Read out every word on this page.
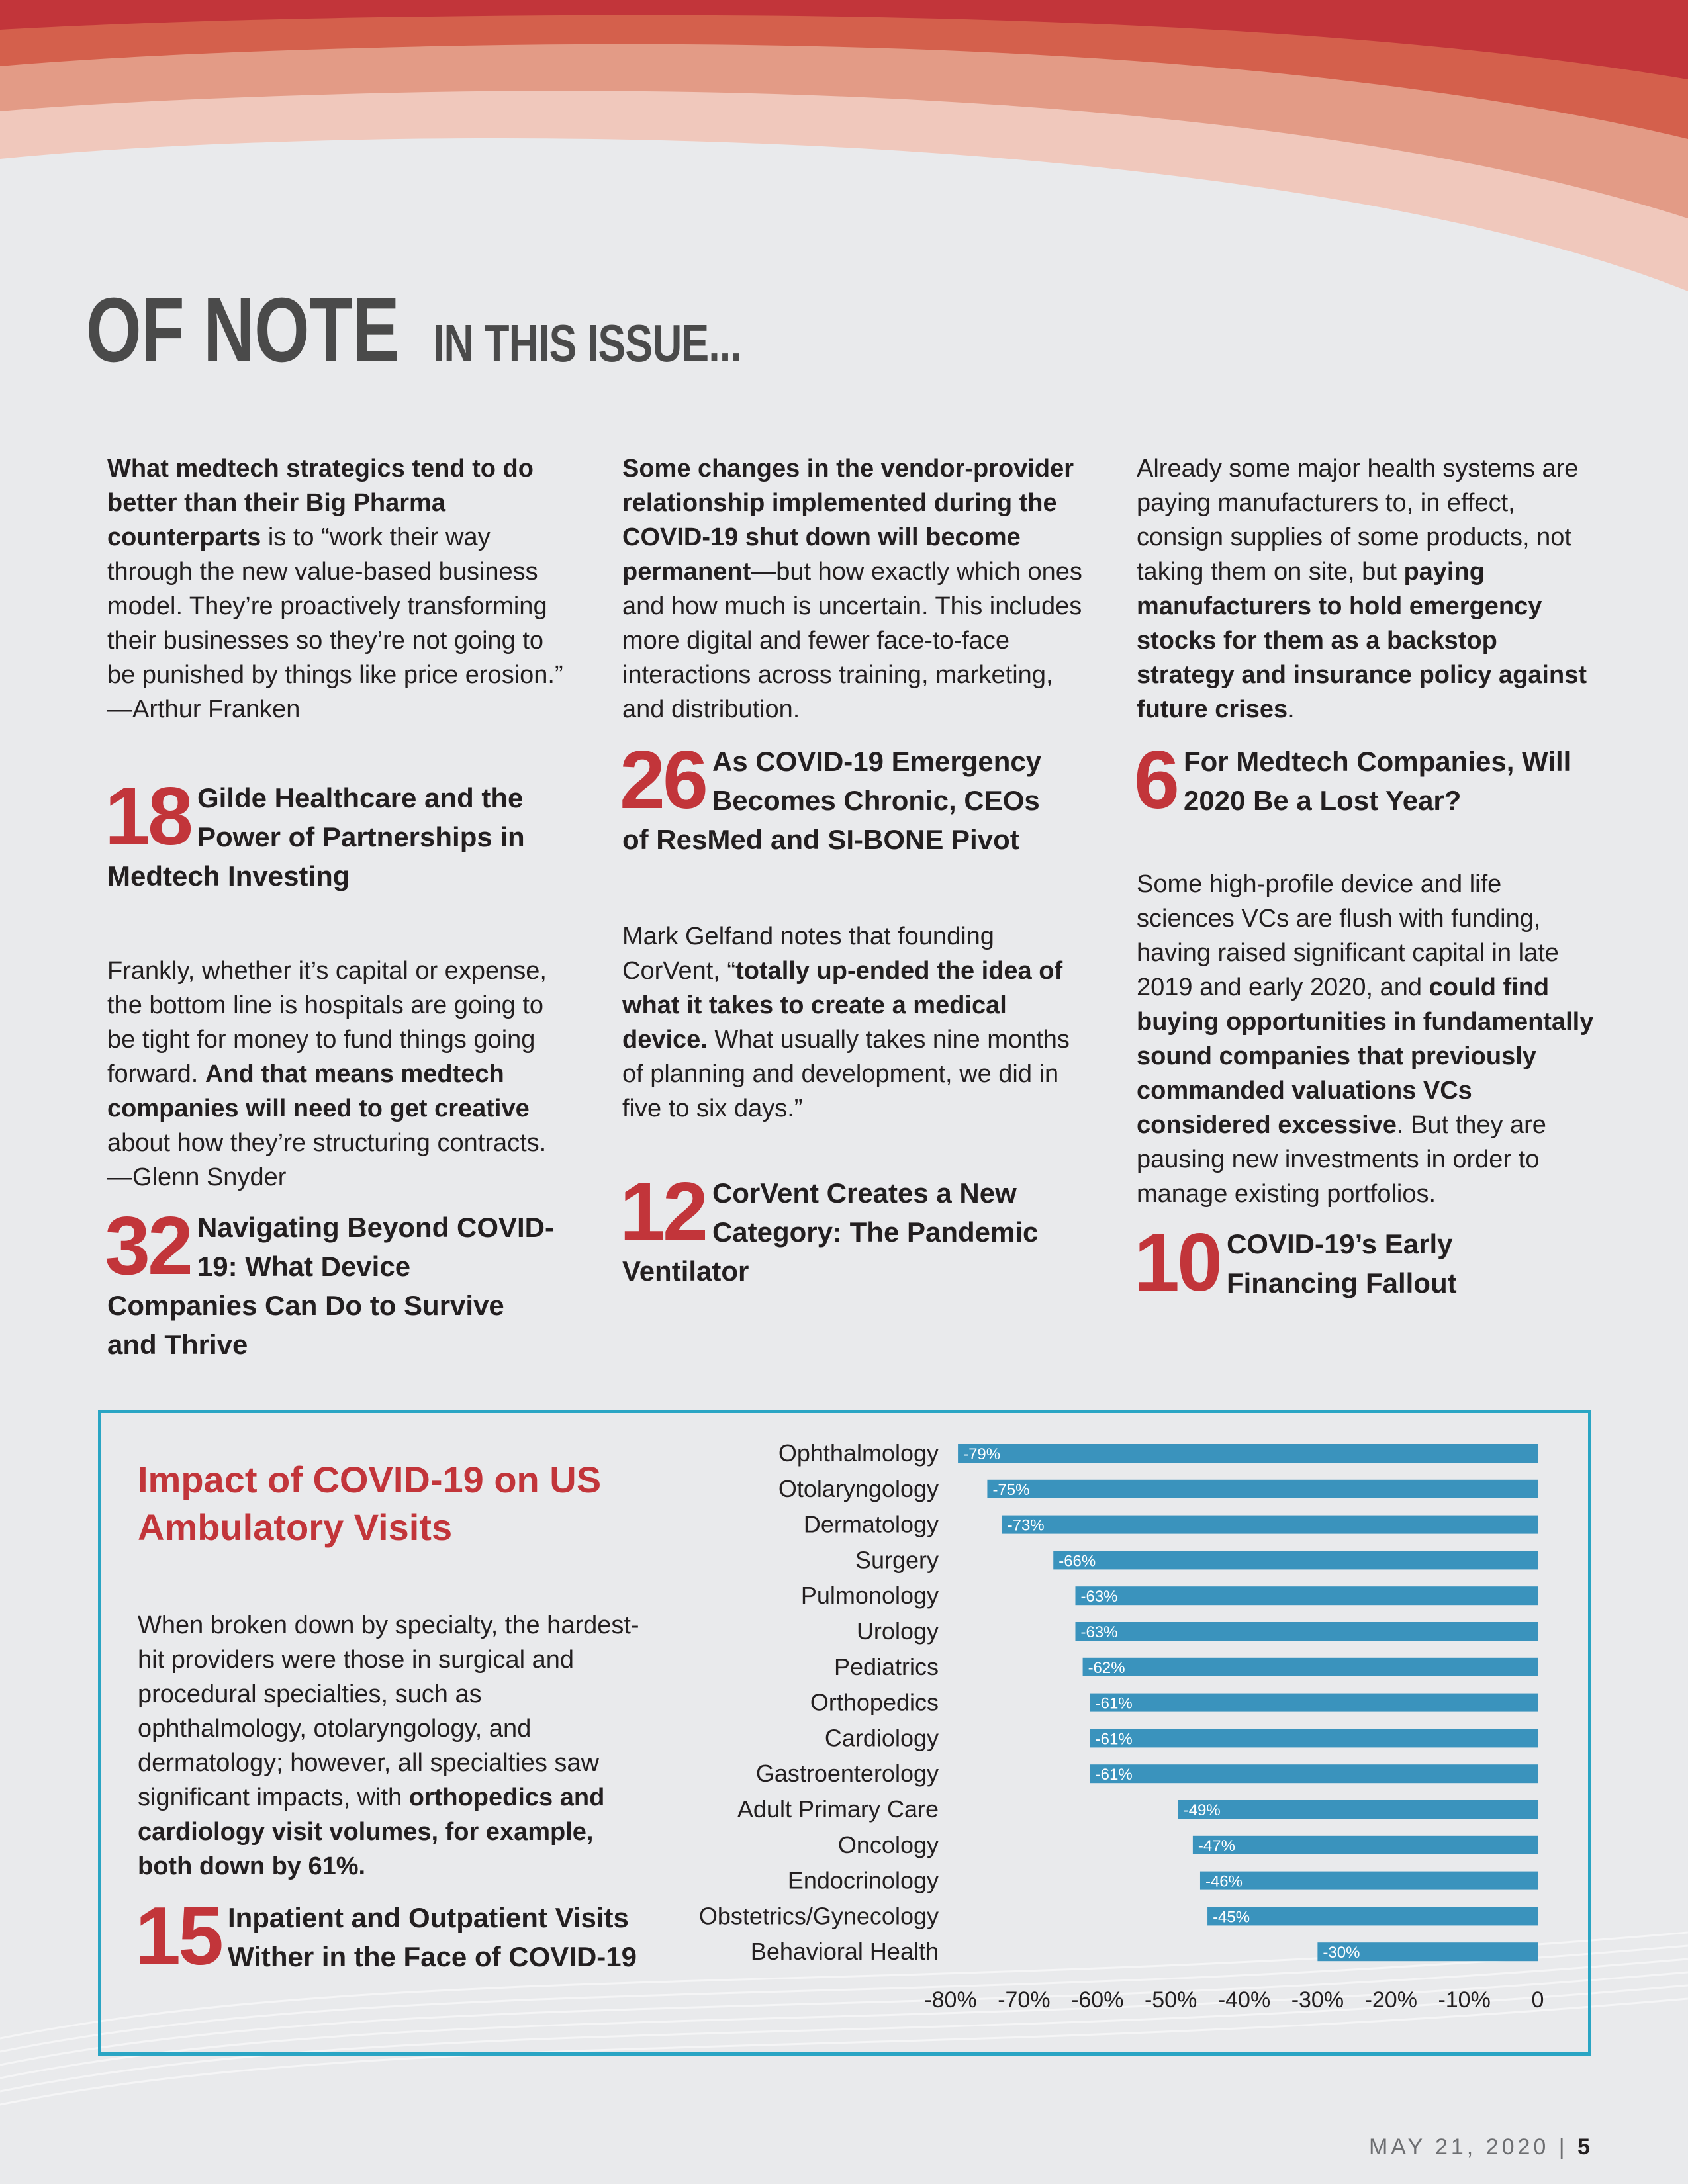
OF NOTE IN THIS ISSUE...

What medtech strategics tend to do better than their Big Pharma counterparts is to “work their way through the new value-based business model. They’re proactively transforming their businesses so they’re not going to be punished by things like price erosion.” —Arthur Franken

18 Gilde Healthcare and the Power of Partnerships in Medtech Investing

Frankly, whether it’s capital or expense, the bottom line is hospitals are going to be tight for money to fund things going forward. And that means medtech companies will need to get creative about how they’re structuring contracts.—Glenn Snyder

32 Navigating Beyond COVID-19: What Device Companies Can Do to Survive and Thrive

Some changes in the vendor-provider relationship implemented during the COVID-19 shut down will become permanent—but how exactly which ones and how much is uncertain. This includes more digital and fewer face-to-face interactions across training, marketing, and distribution.

26 As COVID-19 Emergency Becomes Chronic, CEOs of ResMed and SI-BONE Pivot

Mark Gelfand notes that founding CorVent, “totally up-ended the idea of what it takes to create a medical device. What usually takes nine months of planning and development, we did in five to six days.”

12 CorVent Creates a New Category: The Pandemic Ventilator

Already some major health systems are paying manufacturers to, in effect, consign supplies of some products, not taking them on site, but paying manufacturers to hold emergency stocks for them as a backstop strategy and insurance policy against future crises.

6 For Medtech Companies, Will 2020 Be a Lost Year?

Some high-profile device and life sciences VCs are flush with funding, having raised significant capital in late 2019 and early 2020, and could find buying opportunities in fundamentally sound companies that previously commanded valuations VCs considered excessive. But they are pausing new investments in order to manage existing portfolios.

10 COVID-19’s Early Financing Fallout

Impact of COVID-19 on US Ambulatory Visits
When broken down by specialty, the hardest-hit providers were those in surgical and procedural specialties, such as ophthalmology, otolaryngology, and dermatology; however, all specialties saw significant impacts, with orthopedics and cardiology visit volumes, for example, both down by 61%.

15 Inpatient and Outpatient Visits Wither in the Face of COVID-19

Ophthalmology -79%
Otolaryngology	-75%
Dermatology	-73%
Surgery	-66%
Pulmonology	-63%
Urology	-63%
Pediatrics	-62%
Orthopedics	-61%
Cardiology	-61%
Gastroenterology	-61%
Adult Primary Care	-49%
Oncology	-47%
Endocrinology	-46%
Obstetrics/Gynecology	-45%
Behavioral Health	-30%
-80% -70% -60% -50% -40% -30% -20% -10% 0
MAY 21, 2020 | 5
